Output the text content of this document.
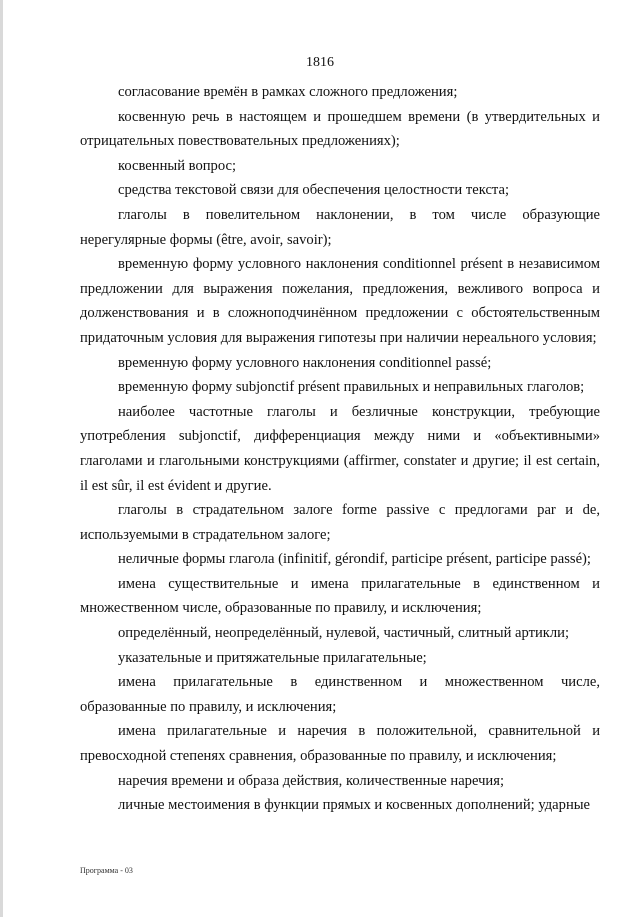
1816

согласование времён в рамках сложного предложения;

косвенную речь в настоящем и прошедшем времени (в утвердительных и отрицательных повествовательных предложениях);

косвенный вопрос;

средства текстовой связи для обеспечения целостности текста;

глаголы в повелительном наклонении, в том числе образующие нерегулярные формы (être, avoir, savoir);

временную форму условного наклонения conditionnel présent в независимом предложении для выражения пожелания, предложения, вежливого вопроса и долженствования и в сложноподчинённом предложении с обстоятельственным придаточным условия для выражения гипотезы при наличии нереального условия;

временную форму условного наклонения conditionnel passé;

временную форму subjonctif présent правильных и неправильных глаголов;

наиболее частотные глаголы и безличные конструкции, требующие употребления subjonctif, дифференциация между ними и «объективными» глаголами и глагольными конструкциями (affirmer, constater и другие; il est certain, il est sûr, il est évident и другие.

глаголы в страдательном залоге forme passive с предлогами par и de, используемыми в страдательном залоге;

неличные формы глагола (infinitif, gérondif, participe présent, participe passé);

имена существительные и имена прилагательные в единственном и множественном числе, образованные по правилу, и исключения;

определённый, неопределённый, нулевой, частичный, слитный артикли;

указательные и притяжательные прилагательные;

имена прилагательные в единственном и множественном числе, образованные по правилу, и исключения;

имена прилагательные и наречия в положительной, сравнительной и превосходной степенях сравнения, образованные по правилу, и исключения;

наречия времени и образа действия, количественные наречия;

личные местоимения в функции прямых и косвенных дополнений; ударные

Программа - 03
